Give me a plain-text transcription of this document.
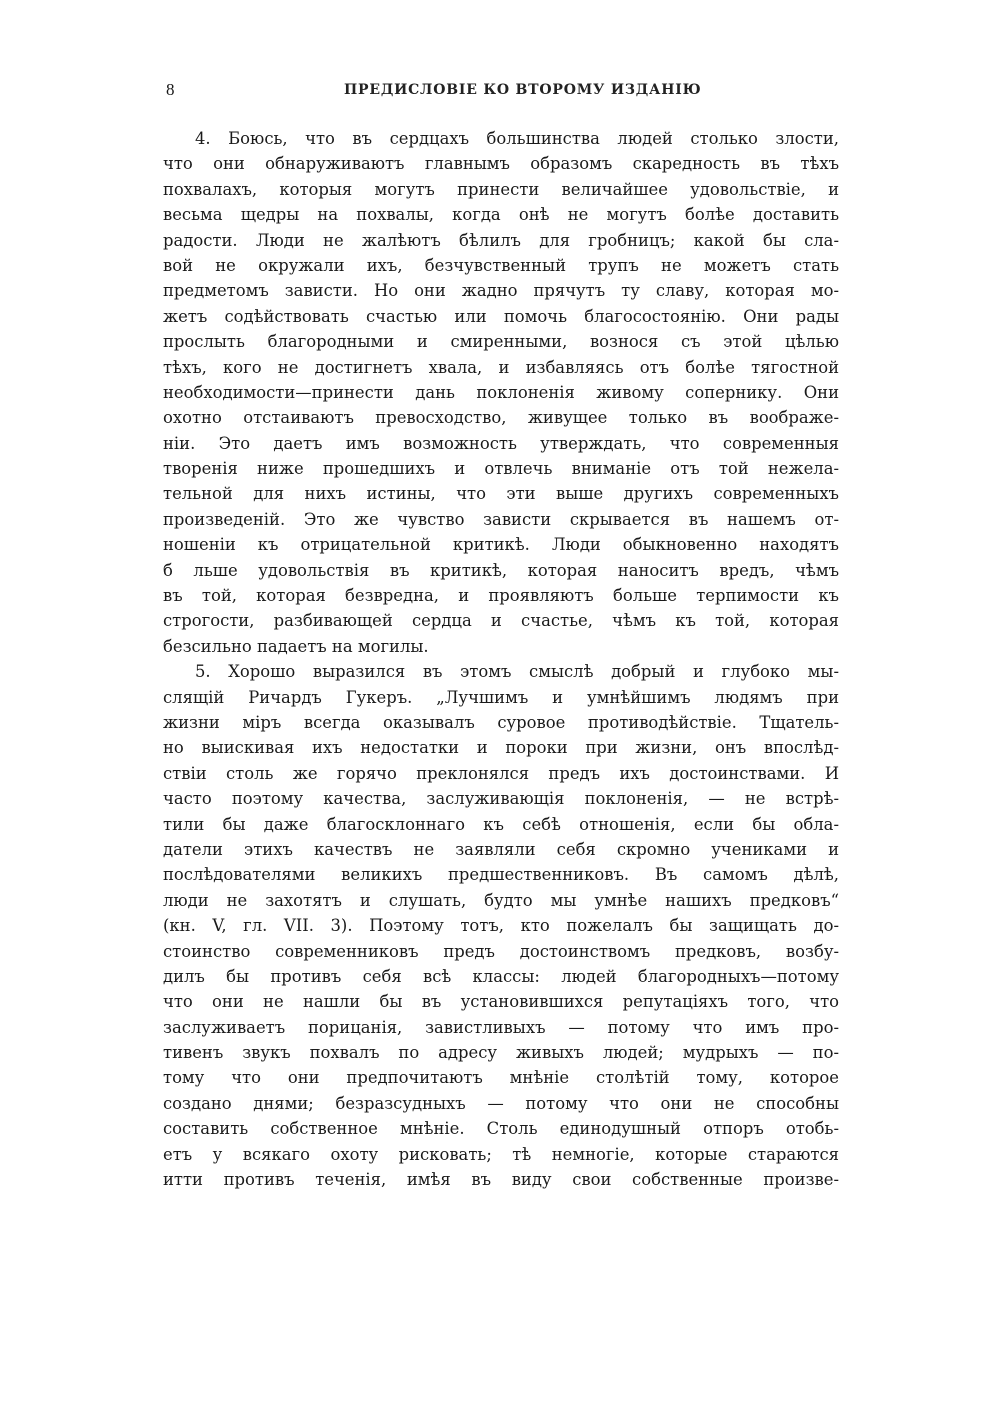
8	ПРЕДИСЛОВІЕ КО ВТОРОМУ ИЗДАНІЮ
4. Боюсь, что въ сердцахъ большинства людей столько злости,
что они обнаруживаютъ главнымъ образомъ скаредность въ тѣхъ
похвалахъ, которыя могутъ принести величайшее удовольствіе, и
весьма щедры на похвалы, когда онѣ не могутъ болѣе доставить
радости. Люди не жалѣютъ бѣлилъ для гробницъ; какой бы сла-
вой не окружали ихъ, безчувственный трупъ не можетъ стать
предметомъ зависти. Но они жадно прячутъ ту славу, которая мо-
жетъ содѣйствовать счастью или помочь благосостоянію. Они рады
прослыть благородными и смиренными, вознося съ этой цѣлью
тѣхъ, кого не достигнетъ хвала, и избавляясь отъ болѣе тягостной
необходимости—принести дань поклоненія живому сопернику. Они
охотно отстаиваютъ превосходство, живущее только въ воображе-
ніи. Это даетъ имъ возможность утверждать, что современныя
творенія ниже прошедшихъ и отвлечь вниманіе отъ той нежела-
тельной для нихъ истины, что эти выше другихъ современныхъ
произведеній. Это же чувство зависти скрывается въ нашемъ от-
ношеніи къ отрицательной критикѣ. Люди обыкновенно находятъ
б льше удовольствія въ критикѣ, которая наноситъ вредъ, чѣмъ
въ той, которая безвредна, и проявляютъ больше терпимости къ
строгости, разбивающей сердца и счастье, чѣмъ къ той, которая
безсильно падаетъ на могилы.
5. Хорошо выразился въ этомъ смыслѣ добрый и глубоко мы-
слящій Ричардъ Гукеръ. „Лучшимъ и умнѣйшимъ людямъ при
жизни міръ всегда оказывалъ суровое противодѣйствіе. Тщатель-
но выискивая ихъ недостатки и пороки при жизни, онъ впослѣд-
ствіи столь же горячо преклонялся предъ ихъ достоинствами. И
часто поэтому качества, заслуживающія поклоненія, — не встрѣ-
тили бы даже благосклоннаго къ себѣ отношенія, если бы обла-
датели этихъ качествъ не заявляли себя скромно учениками и
послѣдователями великихъ предшественниковъ. Въ самомъ дѣлѣ,
люди не захотятъ и слушать, будто мы умнѣе нашихъ предковъ“
(кн. V, гл. VII. 3). Поэтому тотъ, кто пожелалъ бы защищать до-
стоинство современниковъ предъ достоинствомъ предковъ, возбу-
дилъ бы противъ себя всѣ классы: людей благородныхъ—потому
что они не нашли бы въ установившихся репутаціяхъ того, что
заслуживаетъ порицанія, завистливыхъ — потому что имъ про-
тивенъ звукъ похвалъ по адресу живыхъ людей; мудрыхъ — по-
тому что они предпочитаютъ мнѣніе столѣтій тому, которое
создано днями; безразсудныхъ — потому что они не способны
составить собственное мнѣніе. Столь единодушный отпоръ отобь-
етъ у всякаго охоту рисковать; тѣ немногіе, которые стараются
итти противъ теченія, имѣя въ виду свои собственные произве-
